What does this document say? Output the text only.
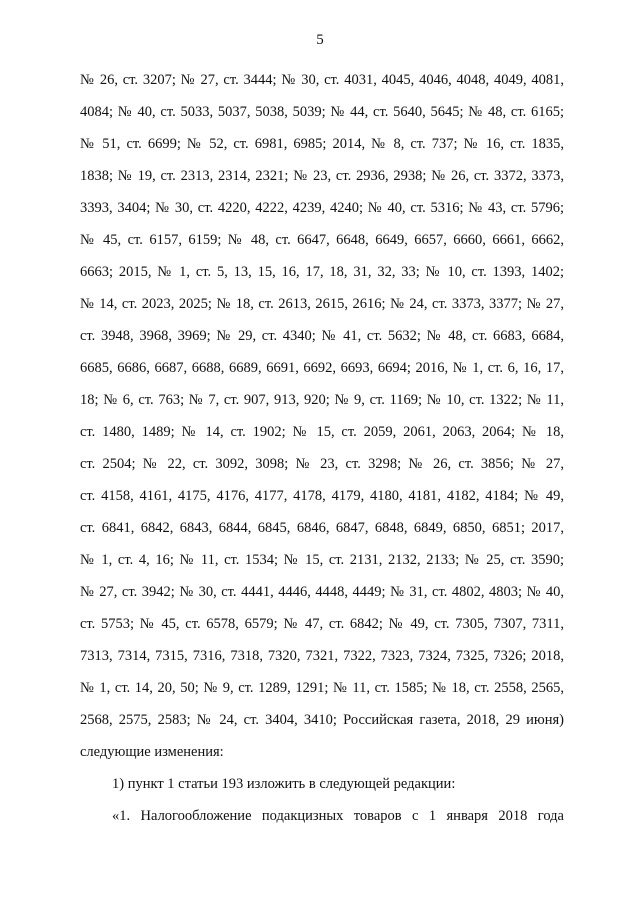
5
№ 26, ст. 3207; № 27, ст. 3444; № 30, ст. 4031, 4045, 4046, 4048, 4049, 4081,
4084; № 40, ст. 5033, 5037, 5038, 5039; № 44, ст. 5640, 5645; № 48, ст. 6165;
№ 51, ст. 6699; № 52, ст. 6981, 6985; 2014, № 8, ст. 737; № 16, ст. 1835,
1838; № 19, ст. 2313, 2314, 2321; № 23, ст. 2936, 2938; № 26, ст. 3372, 3373,
3393, 3404; № 30, ст. 4220, 4222, 4239, 4240; № 40, ст. 5316; № 43, ст. 5796;
№ 45, ст. 6157, 6159; № 48, ст. 6647, 6648, 6649, 6657, 6660, 6661, 6662,
6663; 2015, № 1, ст. 5, 13, 15, 16, 17, 18, 31, 32, 33; № 10, ст. 1393, 1402;
№ 14, ст. 2023, 2025; № 18, ст. 2613, 2615, 2616; № 24, ст. 3373, 3377; № 27,
ст. 3948, 3968, 3969; № 29, ст. 4340; № 41, ст. 5632; № 48, ст. 6683, 6684,
6685, 6686, 6687, 6688, 6689, 6691, 6692, 6693, 6694; 2016, № 1, ст. 6, 16, 17,
18; № 6, ст. 763; № 7, ст. 907, 913, 920; № 9, ст. 1169; № 10, ст. 1322; № 11,
ст. 1480, 1489; № 14, ст. 1902; № 15, ст. 2059, 2061, 2063, 2064; № 18,
ст. 2504; № 22, ст. 3092, 3098; № 23, ст. 3298; № 26, ст. 3856; № 27,
ст. 4158, 4161, 4175, 4176, 4177, 4178, 4179, 4180, 4181, 4182, 4184; № 49,
ст. 6841, 6842, 6843, 6844, 6845, 6846, 6847, 6848, 6849, 6850, 6851; 2017,
№ 1, ст. 4, 16; № 11, ст. 1534; № 15, ст. 2131, 2132, 2133; № 25, ст. 3590;
№ 27, ст. 3942; № 30, ст. 4441, 4446, 4448, 4449; № 31, ст. 4802, 4803; № 40,
ст. 5753; № 45, ст. 6578, 6579; № 47, ст. 6842; № 49, ст. 7305, 7307, 7311,
7313, 7314, 7315, 7316, 7318, 7320, 7321, 7322, 7323, 7324, 7325, 7326; 2018,
№ 1, ст. 14, 20, 50; № 9, ст. 1289, 1291; № 11, ст. 1585; № 18, ст. 2558, 2565,
2568, 2575, 2583; № 24, ст. 3404, 3410; Российская газета, 2018, 29 июня)
следующие изменения:
1) пункт 1 статьи 193 изложить в следующей редакции:
«1. Налогообложение подакцизных товаров с 1 января 2018 года
